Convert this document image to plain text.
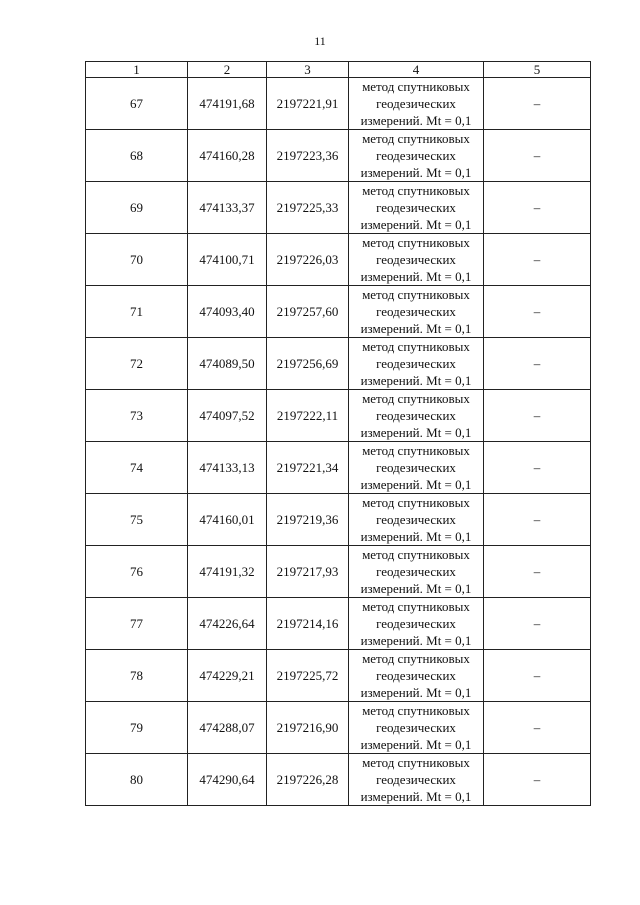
11
1	2	3	4	5
67	474191,68	2197221,91	метод спутниковых
геодезических
измерений. Mt = 0,1	–
68	474160,28	2197223,36	метод спутниковых
геодезических
измерений. Mt = 0,1	–
69	474133,37	2197225,33	метод спутниковых
геодезических
измерений. Mt = 0,1	–
70	474100,71	2197226,03	метод спутниковых
геодезических
измерений. Mt = 0,1	–
71	474093,40	2197257,60	метод спутниковых
геодезических
измерений. Mt = 0,1	–
72	474089,50	2197256,69	метод спутниковых
геодезических
измерений. Mt = 0,1	–
73	474097,52	2197222,11	метод спутниковых
геодезических
измерений. Mt = 0,1	–
74	474133,13	2197221,34	метод спутниковых
геодезических
измерений. Mt = 0,1	–
75	474160,01	2197219,36	метод спутниковых
геодезических
измерений. Mt = 0,1	–
76	474191,32	2197217,93	метод спутниковых
геодезических
измерений. Mt = 0,1	–
77	474226,64	2197214,16	метод спутниковых
геодезических
измерений. Mt = 0,1	–
78	474229,21	2197225,72	метод спутниковых
геодезических
измерений. Mt = 0,1	–
79	474288,07	2197216,90	метод спутниковых
геодезических
измерений. Mt = 0,1	–
80	474290,64	2197226,28	метод спутниковых
геодезических
измерений. Mt = 0,1	–
